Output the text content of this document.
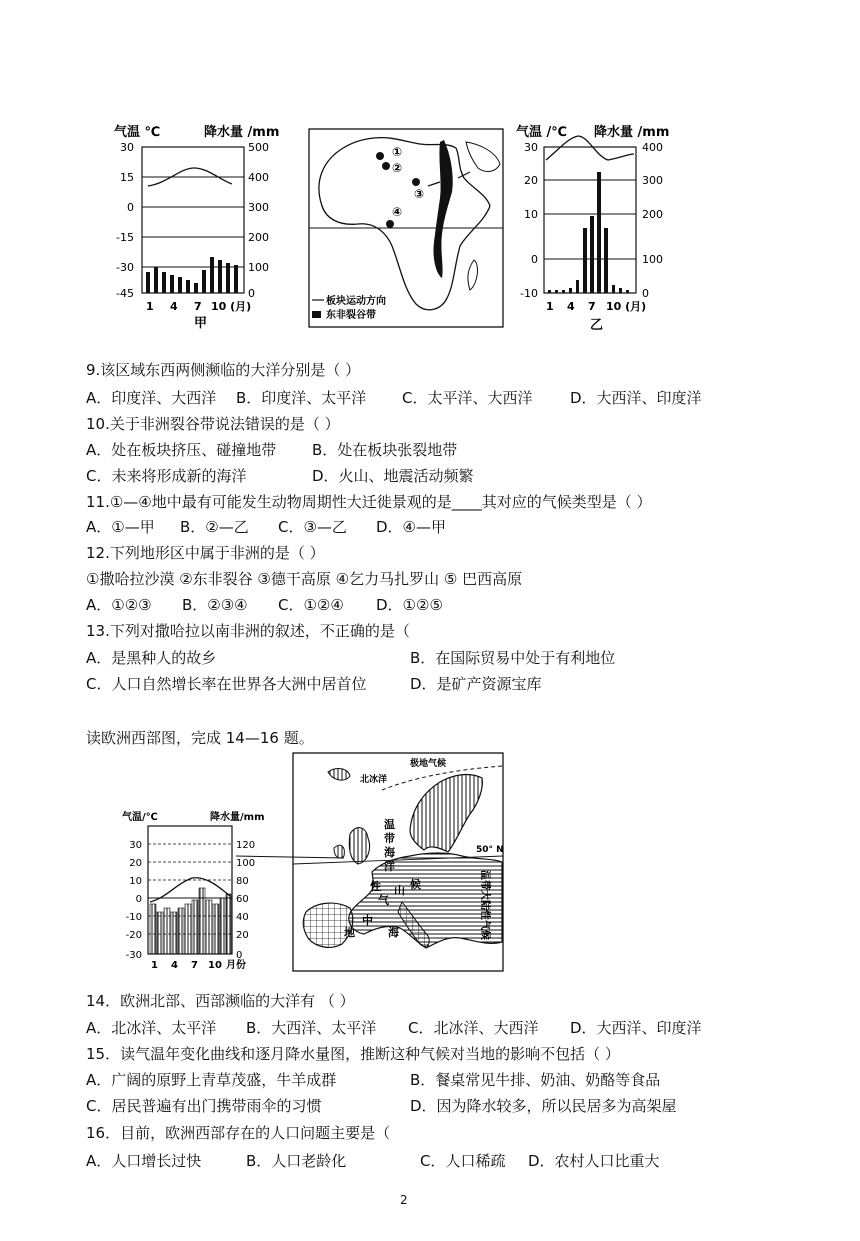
气温 ℃	降水量 /mm
30
15
0
-15
-30
-45
500
400
300
200
100
0
1 4 7 10 (月)
甲
①
②
③
④
板块运动方向
东非裂谷带
气温 /℃ 降水量 /mm
30
20
10
0
-10
400
300
200
100
0
1 4 7 10 (月)
乙
9.该区域东西两侧濒临的大洋分别是（ ）
A．印度洋、大西洋 B．印度洋、太平洋 C．太平洋、大西洋	D．大西洋、印度洋
10.关于非洲裂谷带说法错误的是（ ）
A．处在板块挤压、碰撞地带 B．处在板块张裂地带
C．未来将形成新的海洋	D．火山、地震活动频繁
11.①—④地中最有可能发生动物周期性大迁徙景观的是____其对应的气候类型是（ ）
A．①—甲 B．②—乙 C．③—乙 D．④—甲
12.下列地形区中属于非洲的是（ ）
①撒哈拉沙漠 ②东非裂谷 ③德干高原 ④乞力马扎罗山 ⑤ 巴西高原
A．①②③ B．②③④ C．①②④ D．①②⑤
13.下列对撒哈拉以南非洲的叙述，不正确的是（
A．是黑种人的故乡	B．在国际贸易中处于有利地位
C．人口自然增长率在世界各大洲中居首位	D．是矿产资源宝库
读欧洲西部图，完成 14—16 题。
气温/℃	降水量/mm
30
20
10
0
-10
-20
-30
120
100
80
60
40
20
0
1 4 7 10 月份
极地气候
北冰洋
50° N
温
带
海
洋
性
气
候
山
地
中
海	温带大陆性气候
14．欧洲北部、西部濒临的大洋有 （ ）
A．北冰洋、太平洋 B．大西洋、太平洋 C．北冰洋、大西洋 D．大西洋、印度洋
15．读气温年变化曲线和逐月降水量图，推断这种气候对当地的影响不包括（ ）
A．广阔的原野上青草茂盛，牛羊成群	B．餐桌常见牛排、奶油、奶酪等食品
C．居民普遍有出门携带雨伞的习惯	D．因为降水较多，所以民居多为高架屋
16．目前，欧洲西部存在的人口问题主要是（
A．人口增长过快	B．人口老龄化	C．人口稀疏 D．农村人口比重大
2
